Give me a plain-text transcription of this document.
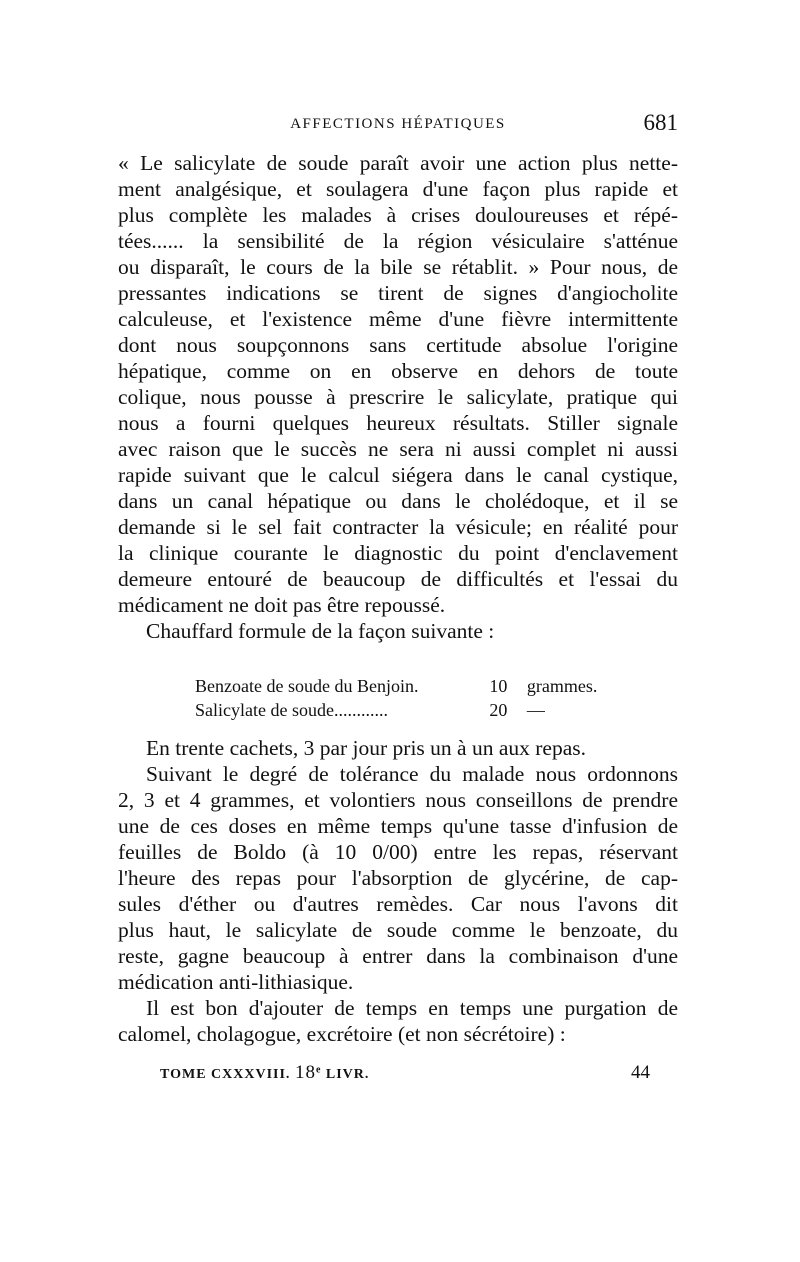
AFFECTIONS HÉPATIQUES	681

« Le salicylate de soude paraît avoir une action plus nette-
ment analgésique, et soulagera d'une façon plus rapide et
plus complète les malades à crises douloureuses et répé-
tées...... la sensibilité de la région vésiculaire s'atténue
ou disparaît, le cours de la bile se rétablit. » Pour nous, de
pressantes indications se tirent de signes d'angiocholite
calculeuse, et l'existence même d'une fièvre intermittente
dont nous soupçonnons sans certitude absolue l'origine
hépatique, comme on en observe en dehors de toute
colique, nous pousse à prescrire le salicylate, pratique qui
nous a fourni quelques heureux résultats. Stiller signale
avec raison que le succès ne sera ni aussi complet ni aussi
rapide suivant que le calcul siégera dans le canal cystique,
dans un canal hépatique ou dans le cholédoque, et il se
demande si le sel fait contracter la vésicule; en réalité pour
la clinique courante le diagnostic du point d'enclavement
demeure entouré de beaucoup de difficultés et l'essai du
médicament ne doit pas être repoussé.
Chauffard formule de la façon suivante :

Benzoate de soude du Benjoin.	10	grammes.
Salicylate de soude............	20	—

En trente cachets, 3 par jour pris un à un aux repas.

Suivant le degré de tolérance du malade nous ordonnons
2, 3 et 4 grammes, et volontiers nous conseillons de prendre
une de ces doses en même temps qu'une tasse d'infusion de
feuilles de Boldo (à 10 0/00) entre les repas, réservant
l'heure des repas pour l'absorption de glycérine, de cap-
sules d'éther ou d'autres remèdes. Car nous l'avons dit
plus haut, le salicylate de soude comme le benzoate, du
reste, gagne beaucoup à entrer dans la combinaison d'une
médication anti-lithiasique.

Il est bon d'ajouter de temps en temps une purgation de
calomel, cholagogue, excrétoire (et non sécrétoire) :

TOME CXXXVIII. 18e LIVR.	44
